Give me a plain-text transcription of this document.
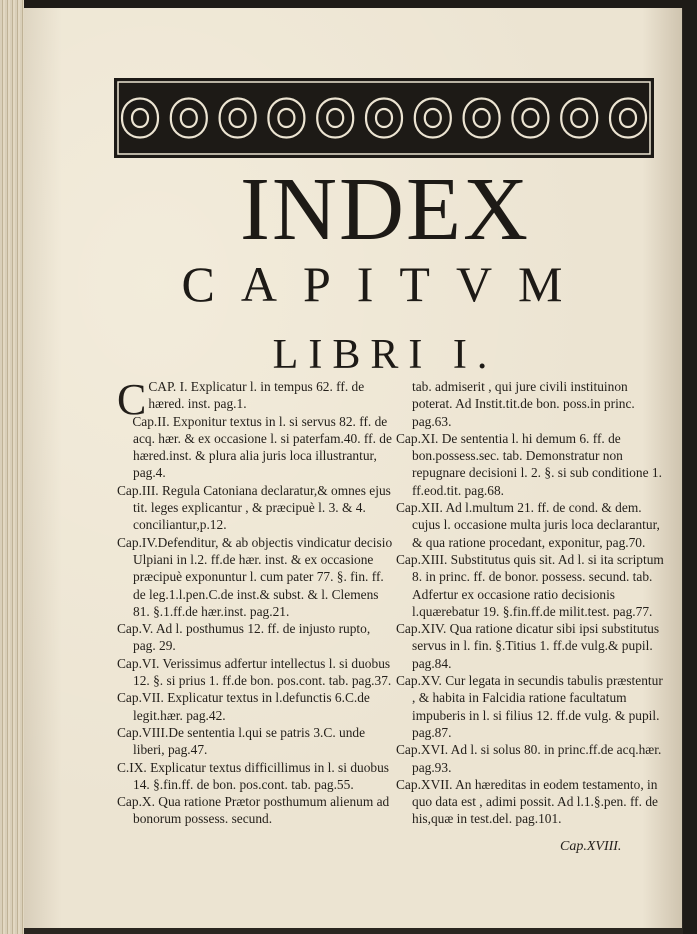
INDEX
CAPITVM
LIBRI I.

CCAP. I. Explicatur l. in tempus 62. ff. de hæred. inst. pag.1.

Cap.II. Exponitur textus in l. si servus 82. ff. de acq. hær. & ex occasione l. si paterfam.40. ff. de hæred.inst. & plura alia juris loca illustrantur, pag.4.

Cap.III. Regula Catoniana declaratur,& omnes ejus tit. leges explicantur , & præcipuè l. 3. & 4. conciliantur,p.12.

Cap.IV.Defenditur, & ab objectis vindicatur decisio Ulpiani in l.2. ff.de hær. inst. & ex occasione præcipuè exponuntur l. cum pater 77. §. fin. ff. de leg.1.l.pen.C.de inst.& subst. & l. Clemens 81. §.1.ff.de hær.inst. pag.21.

Cap.V. Ad l. posthumus 12. ff. de injusto rupto, pag. 29.

Cap.VI. Verissimus adfertur intellectus l. si duobus 12. §. si prius 1. ff.de bon. pos.cont. tab. pag.37.

Cap.VII. Explicatur textus in l.defunctis 6.C.de legit.hær. pag.42.

Cap.VIII.De sententia l.qui se patris 3.C. unde liberi, pag.47.

C.IX. Explicatur textus difficillimus in l. si duobus 14. §.fin.ff. de bon. pos.cont. tab. pag.55.

Cap.X. Qua ratione Prætor posthumum alienum ad bonorum possess. secund.

tab. admiserit , qui jure civili instituinon poterat. Ad Instit.tit.de bon. poss.in princ. pag.63.

Cap.XI. De sententia l. hi demum 6. ff. de bon.possess.sec. tab. Demonstratur non repugnare decisioni l. 2. §. si sub conditione 1. ff.eod.tit. pag.68.

Cap.XII. Ad l.multum 21. ff. de cond. & dem. cujus l. occasione multa juris loca declarantur, & qua ratione procedant, exponitur, pag.70.

Cap.XIII. Substitutus quis sit. Ad l. si ita scriptum 8. in princ. ff. de bonor. possess. secund. tab. Adfertur ex occasione ratio decisionis l.quærebatur 19. §.fin.ff.de milit.test. pag.77.

Cap.XIV. Qua ratione dicatur sibi ipsi substitutus servus in l. fin. §.Titius 1. ff.de vulg.& pupil. pag.84.

Cap.XV. Cur legata in secundis tabulis præstentur , & habita in Falcidia ratione facultatum impuberis in l. si filius 12. ff.de vulg. & pupil. pag.87.

Cap.XVI. Ad l. si solus 80. in princ.ff.de acq.hær. pag.93.

Cap.XVII. An hæreditas in eodem testamento, in quo data est , adimi possit. Ad l.1.§.pen. ff. de his,quæ in test.del. pag.101.

Cap.XVIII.
